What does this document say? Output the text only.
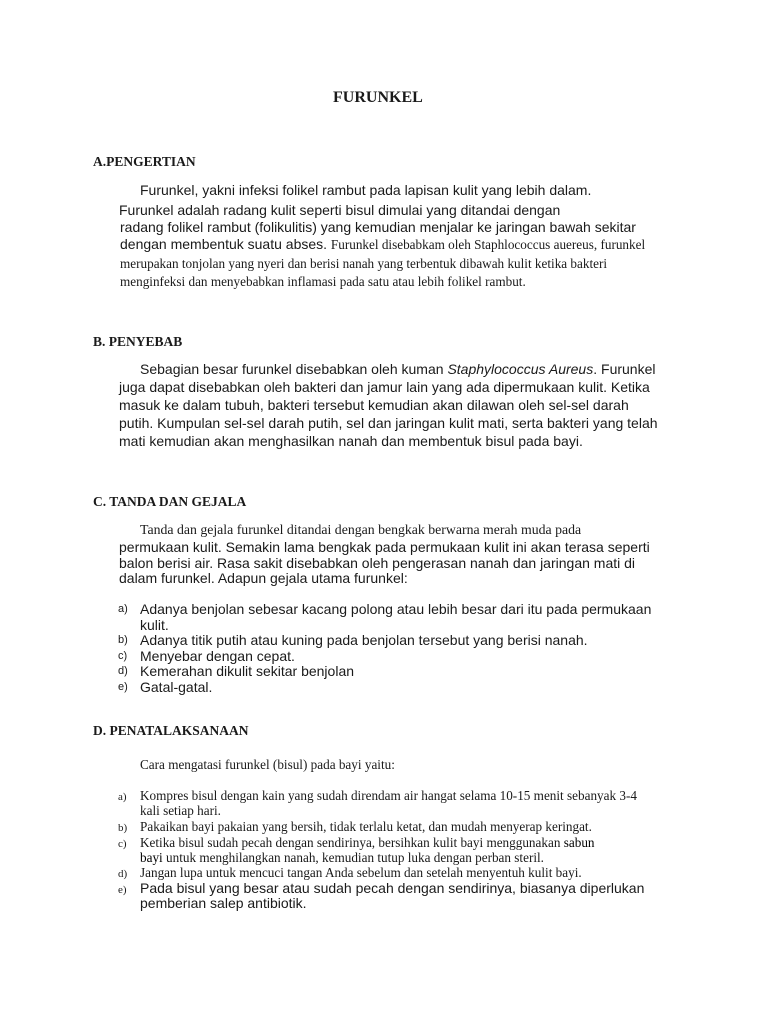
FURUNKEL

A.PENGERTIAN

Furunkel, yakni infeksi folikel rambut pada lapisan kulit yang lebih dalam.

Furunkel adalah radang kulit seperti bisul dimulai yang ditandai dengan

radang folikel rambut (folikulitis) yang kemudian menjalar ke jaringan bawah sekitar

dengan membentuk suatu abses. Furunkel disebabkam oleh Staphlococcus auereus, furunkel

merupakan tonjolan yang nyeri dan berisi nanah yang terbentuk dibawah kulit ketika bakteri

menginfeksi dan menyebabkan inflamasi pada satu atau lebih folikel rambut.

B. PENYEBAB

Sebagian besar furunkel disebabkan oleh kuman Staphylococcus Aureus. Furunkel

juga dapat disebabkan oleh bakteri dan jamur lain yang ada dipermukaan kulit. Ketika

masuk ke dalam tubuh, bakteri tersebut kemudian akan dilawan oleh sel-sel darah

putih. Kumpulan sel-sel darah putih, sel dan jaringan kulit mati, serta bakteri yang telah

mati kemudian akan menghasilkan nanah dan membentuk bisul pada bayi.

C. TANDA DAN GEJALA

Tanda dan gejala furunkel ditandai dengan bengkak berwarna merah muda pada

permukaan kulit. Semakin lama bengkak pada permukaan kulit ini akan terasa seperti

balon berisi air. Rasa sakit disebabkan oleh pengerasan nanah dan jaringan mati di

dalam furunkel. Adapun gejala utama furunkel:

a) Adanya benjolan sebesar kacang polong atau lebih besar dari itu pada permukaan

kulit.

b) Adanya titik putih atau kuning pada benjolan tersebut yang berisi nanah.

c) Menyebar dengan cepat.

d) Kemerahan dikulit sekitar benjolan

e) Gatal-gatal.

D. PENATALAKSANAAN

Cara mengatasi furunkel (bisul) pada bayi yaitu:

a) Kompres bisul dengan kain yang sudah direndam air hangat selama 10-15 menit sebanyak 3-4

kali setiap hari.

b) Pakaikan bayi pakaian yang bersih, tidak terlalu ketat, dan mudah menyerap keringat.

c) Ketika bisul sudah pecah dengan sendirinya, bersihkan kulit bayi menggunakan sabun

bayi untuk menghilangkan nanah, kemudian tutup luka dengan perban steril.

d) Jangan lupa untuk mencuci tangan Anda sebelum dan setelah menyentuh kulit bayi.

e) Pada bisul yang besar atau sudah pecah dengan sendirinya, biasanya diperlukan

pemberian salep antibiotik.
